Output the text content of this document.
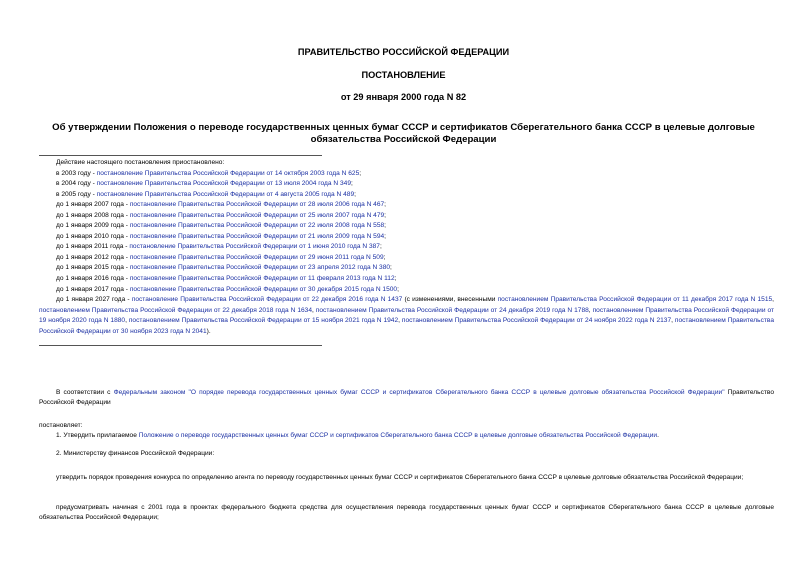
ПРАВИТЕЛЬСТВО РОССИЙСКОЙ ФЕДЕРАЦИИ
ПОСТАНОВЛЕНИЕ
от 29 января 2000 года N 82
Об утверждении Положения о переводе государственных ценных бумаг СССР и сертификатов Сберегательного банка СССР в целевые долговые обязательства Российской Федерации
Действие настоящего постановления приостановлено:
в 2003 году - постановление Правительства Российской Федерации от 14 октября 2003 года N 625;
в 2004 году - постановление Правительства Российской Федерации от 13 июля 2004 года N 349;
в 2005 году - постановление Правительства Российской Федерации от 4 августа 2005 года N 489;
до 1 января 2007 года - постановление Правительства Российской Федерации от 28 июля 2006 года N 467;
до 1 января 2008 года - постановление Правительства Российской Федерации от 25 июля 2007 года N 479;
до 1 января 2009 года - постановление Правительства Российской Федерации от 22 июля 2008 года N 558;
до 1 января 2010 года - постановление Правительства Российской Федерации от 21 июля 2009 года N 594;
до 1 января 2011 года - постановление Правительства Российской Федерации от 1 июня 2010 года N 387;
до 1 января 2012 года - постановление Правительства Российской Федерации от 29 июня 2011 года N 509;
до 1 января 2015 года - постановление Правительства Российской Федерации от 23 апреля 2012 года N 380;
до 1 января 2016 года - постановление Правительства Российской Федерации от 11 февраля 2013 года N 112;
до 1 января 2017 года - постановление Правительства Российской Федерации от 30 декабря 2015 года N 1500;
до 1 января 2027 года - постановление Правительства Российской Федерации от 22 декабря 2016 года N 1437 (с изменениями, внесенными постановлением Правительства Российской Федерации от 11 декабря 2017 года N 1515, постановлением Правительства Российской Федерации от 22 декабря 2018 года N 1634, постановлением Правительства Российской Федерации от 24 декабря 2019 года N 1788, постановлением Правительства Российской Федерации от 19 ноября 2020 года N 1880, постановлением Правительства Российской Федерации от 15 ноября 2021 года N 1942, постановлением Правительства Российской Федерации от 24 ноября 2022 года N 2137, постановлением Правительства Российской Федерации от 30 ноября 2023 года N 2041).

В соответствии с Федеральным законом "О порядке перевода государственных ценных бумаг СССР и сертификатов Сберегательного банка СССР в целевые долговые обязательства Российской Федерации" Правительство Российской Федерации

постановляет:

1. Утвердить прилагаемое Положение о переводе государственных ценных бумаг СССР и сертификатов Сберегательного банка СССР в целевые долговые обязательства Российской Федерации.

2. Министерству финансов Российской Федерации:

утвердить порядок проведения конкурса по определению агента по переводу государственных ценных бумаг СССР и сертификатов Сберегательного банка СССР в целевые долговые обязательства Российской Федерации;

предусматривать начиная с 2001 года в проектах федерального бюджета средства для осуществления перевода государственных ценных бумаг СССР и сертификатов Сберегательного банка СССР в целевые долговые обязательства Российской Федерации;
